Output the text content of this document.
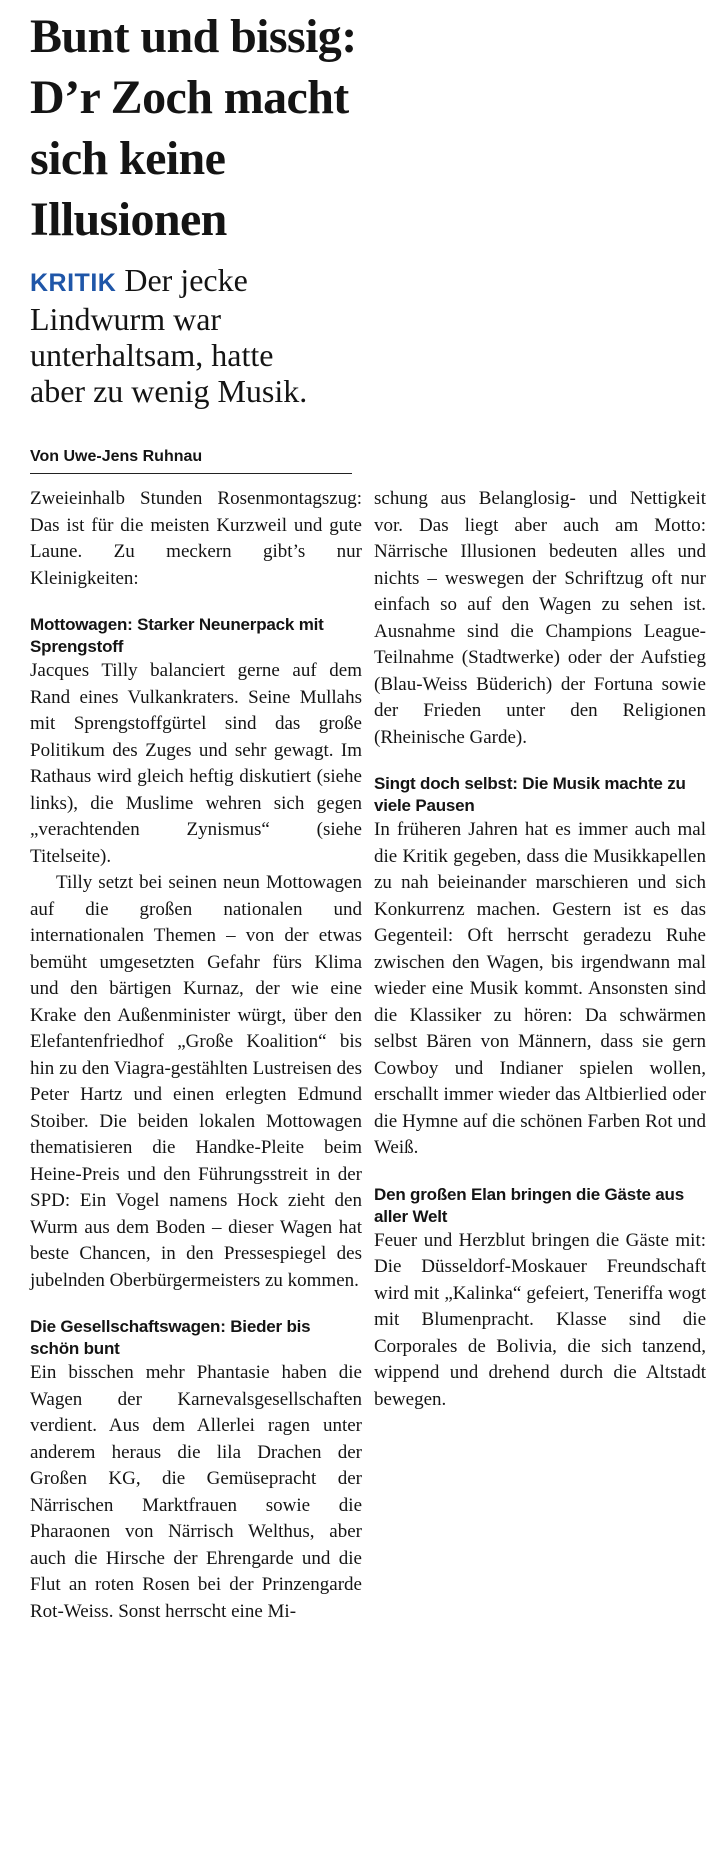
Bunt und bissig:
D’r Zoch macht
sich keine
Illusionen
KRITIK Der jecke
Lindwurm war
unterhaltsam, hatte
aber zu wenig Musik.
Von Uwe-Jens Ruhnau

Zweieinhalb Stunden Rosenmontagszug: Das ist für die meisten Kurzweil und gute Laune. Zu meckern gibt’s nur Kleinigkeiten:

Mottowagen: Starker Neunerpack mit Sprengstoff

Jacques Tilly balanciert gerne auf dem Rand eines Vulkankraters. Seine Mullahs mit Sprengstoffgürtel sind das große Politikum des Zuges und sehr gewagt. Im Rathaus wird gleich heftig diskutiert (siehe links), die Muslime wehren sich gegen „verachtenden Zynismus“ (siehe Titelseite).

Tilly setzt bei seinen neun Mottowagen auf die großen nationalen und internationalen Themen – von der etwas bemüht umgesetzten Gefahr fürs Klima und den bärtigen Kurnaz, der wie eine Krake den Außenminister würgt, über den Elefantenfriedhof „Große Koalition“ bis hin zu den Viagra-gestählten Lustreisen des Peter Hartz und einen erlegten Edmund Stoiber. Die beiden lokalen Mottowagen thematisieren die Handke-Pleite beim Heine-Preis und den Führungsstreit in der SPD: Ein Vogel namens Hock zieht den Wurm aus dem Boden – dieser Wagen hat beste Chancen, in den Pressespiegel des jubelnden Oberbürgermeisters zu kommen.

Die Gesellschaftswagen: Bieder bis schön bunt

Ein bisschen mehr Phantasie haben die Wagen der Karnevalsgesellschaften verdient. Aus dem Allerlei ragen unter anderem heraus die lila Drachen der Großen KG, die Gemüsepracht der Närrischen Marktfrauen sowie die Pharaonen von Närrisch Welthus, aber auch die Hirsche der Ehrengarde und die Flut an roten Rosen bei der Prinzengarde Rot-Weiss. Sonst herrscht eine Mi-

schung aus Belanglosig- und Nettigkeit vor. Das liegt aber auch am Motto: Närrische Illusionen bedeuten alles und nichts – weswegen der Schriftzug oft nur einfach so auf den Wagen zu sehen ist. Ausnahme sind die Champions League-Teilnahme (Stadtwerke) oder der Aufstieg (Blau-Weiss Büderich) der Fortuna sowie der Frieden unter den Religionen (Rheinische Garde).

Singt doch selbst: Die Musik machte zu viele Pausen

In früheren Jahren hat es immer auch mal die Kritik gegeben, dass die Musikkapellen zu nah beieinander marschieren und sich Konkurrenz machen. Gestern ist es das Gegenteil: Oft herrscht geradezu Ruhe zwischen den Wagen, bis irgendwann mal wieder eine Musik kommt. Ansonsten sind die Klassiker zu hören: Da schwärmen selbst Bären von Männern, dass sie gern Cowboy und Indianer spielen wollen, erschallt immer wieder das Altbierlied oder die Hymne auf die schönen Farben Rot und Weiß.

Den großen Elan bringen die Gäste aus aller Welt

Feuer und Herzblut bringen die Gäste mit: Die Düsseldorf-Moskauer Freundschaft wird mit „Kalinka“ gefeiert, Teneriffa wogt mit Blumenpracht. Klasse sind die Corporales de Bolivia, die sich tanzend, wippend und drehend durch die Altstadt bewegen.
